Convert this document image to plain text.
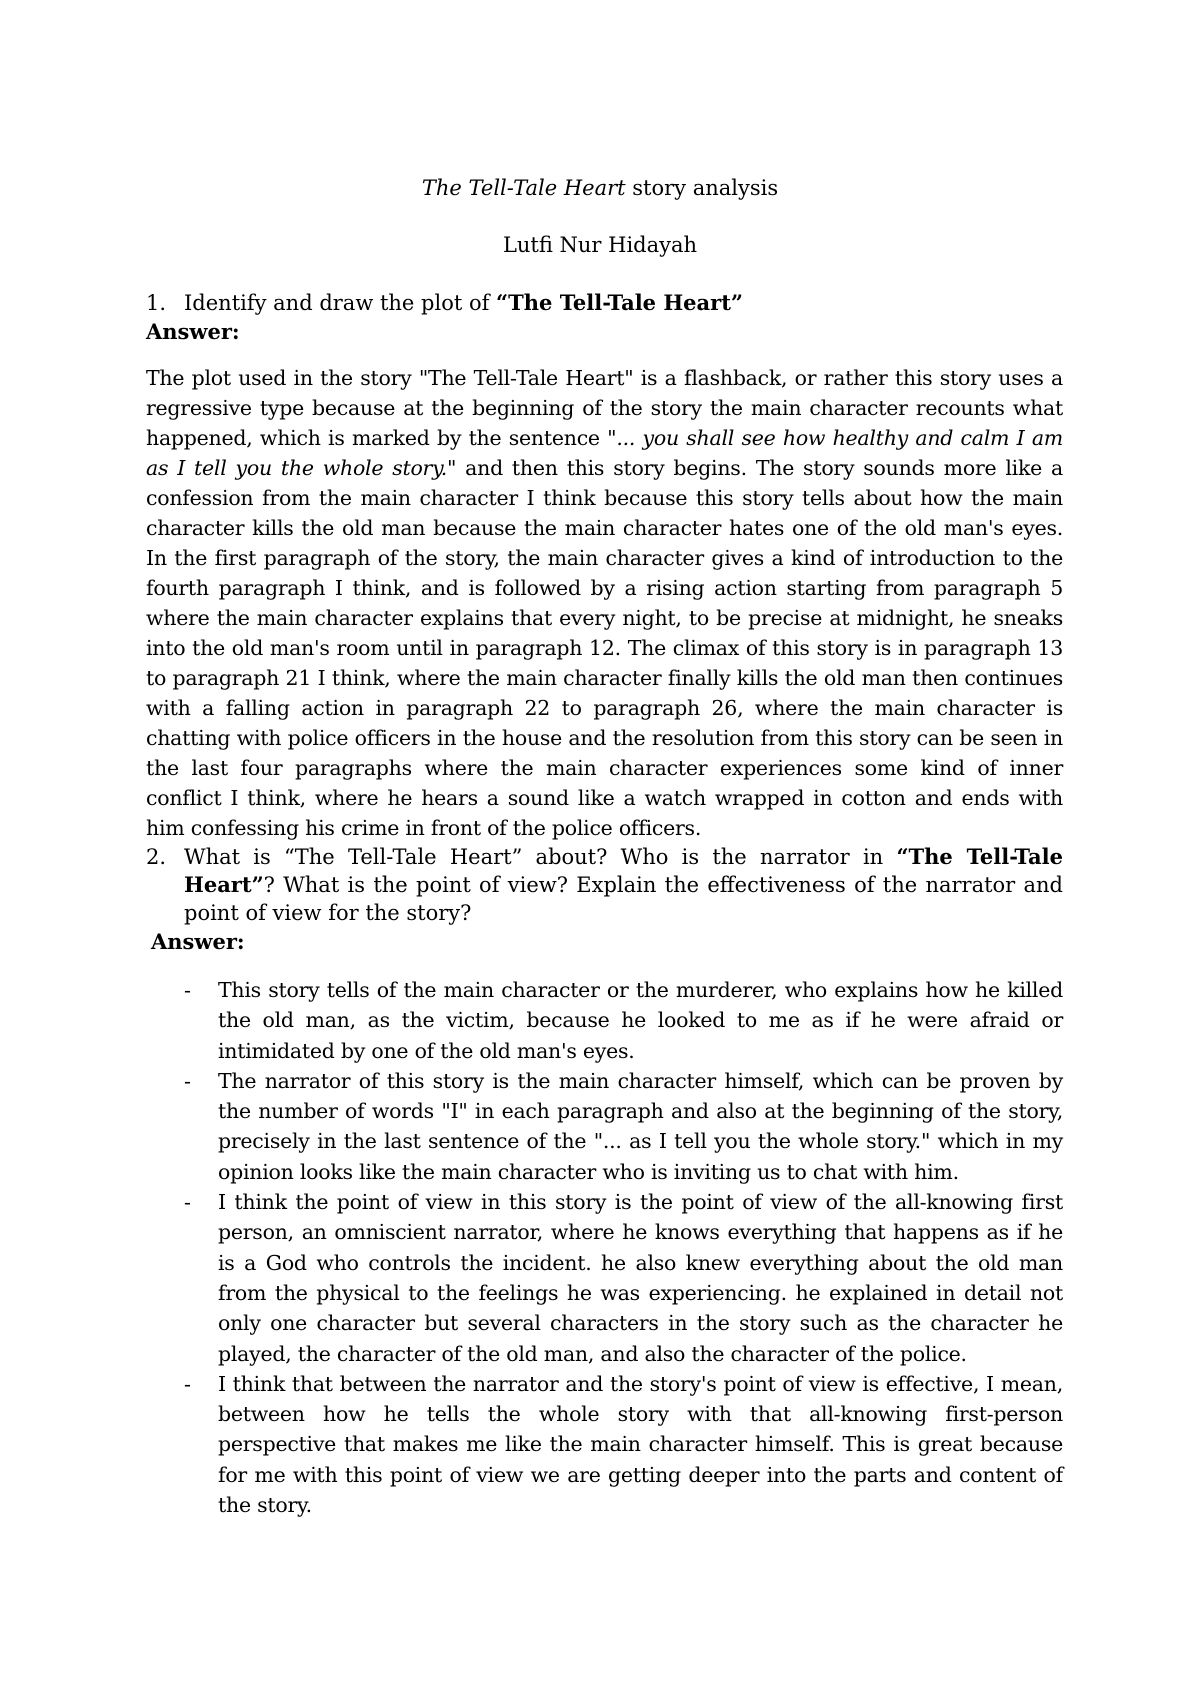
The Tell-Tale Heart story analysis
Lutfi Nur Hidayah
1. Identify and draw the plot of “The Tell-Tale Heart”
Answer:
The plot used in the story "The Tell-Tale Heart" is a flashback, or rather this story uses a regressive type because at the beginning of the story the main character recounts what happened, which is marked by the sentence "... you shall see how healthy and calm I am as I tell you the whole story." and then this story begins. The story sounds more like a confession from the main character I think because this story tells about how the main character kills the old man because the main character hates one of the old man's eyes. In the first paragraph of the story, the main character gives a kind of introduction to the fourth paragraph I think, and is followed by a rising action starting from paragraph 5 where the main character explains that every night, to be precise at midnight, he sneaks into the old man's room until in paragraph 12. The climax of this story is in paragraph 13 to paragraph 21 I think, where the main character finally kills the old man then continues with a falling action in paragraph 22 to paragraph 26, where the main character is chatting with police officers in the house and the resolution from this story can be seen in the last four paragraphs where the main character experiences some kind of inner conflict I think, where he hears a sound like a watch wrapped in cotton and ends with him confessing his crime in front of the police officers.
2. What is “The Tell-Tale Heart” about? Who is the narrator in “The Tell-Tale Heart”? What is the point of view? Explain the effectiveness of the narrator and point of view for the story?
Answer:
- This story tells of the main character or the murderer, who explains how he killed the old man, as the victim, because he looked to me as if he were afraid or intimidated by one of the old man's eyes.
- The narrator of this story is the main character himself, which can be proven by the number of words "I" in each paragraph and also at the beginning of the story, precisely in the last sentence of the "... as I tell you the whole story." which in my opinion looks like the main character who is inviting us to chat with him.
- I think the point of view in this story is the point of view of the all-knowing first person, an omniscient narrator, where he knows everything that happens as if he is a God who controls the incident. he also knew everything about the old man from the physical to the feelings he was experiencing. he explained in detail not only one character but several characters in the story such as the character he played, the character of the old man, and also the character of the police.
- I think that between the narrator and the story's point of view is effective, I mean, between how he tells the whole story with that all-knowing first-person perspective that makes me like the main character himself. This is great because for me with this point of view we are getting deeper into the parts and content of the story.
